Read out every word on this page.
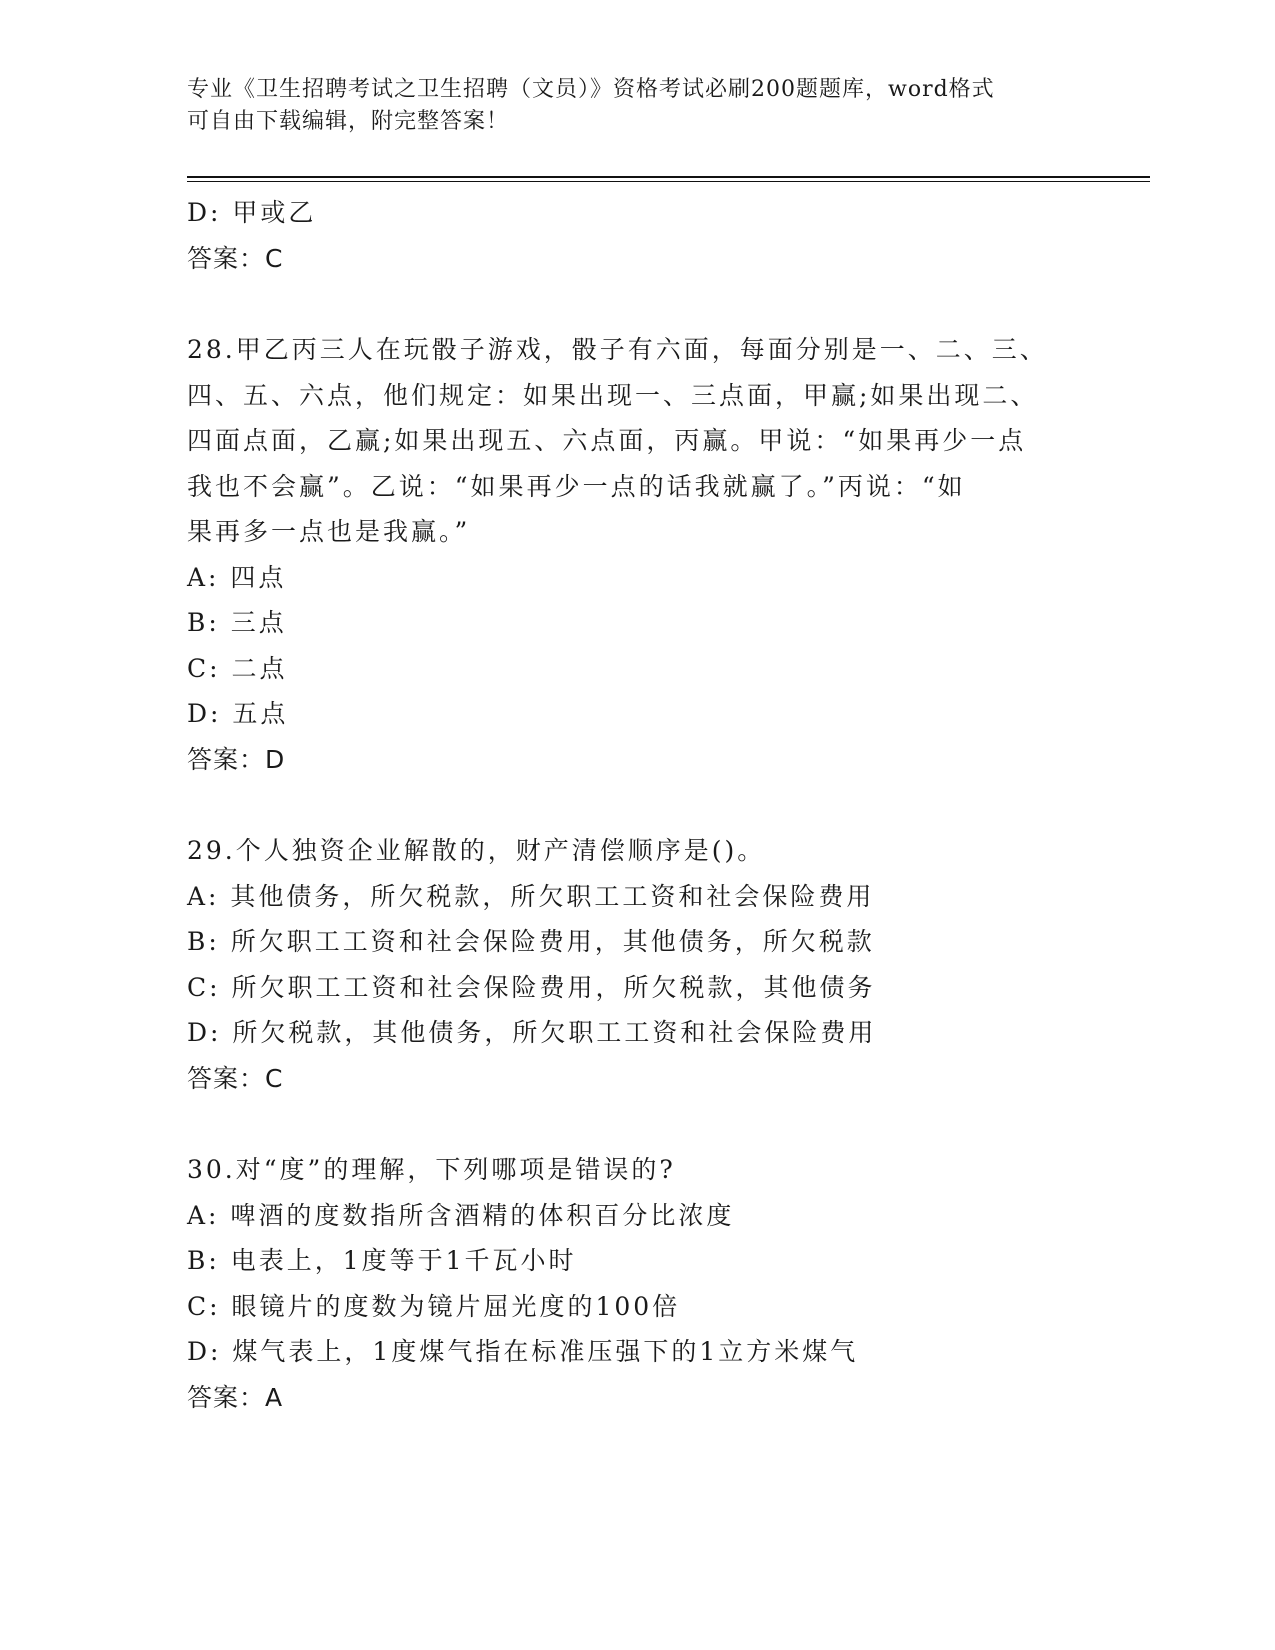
专业《卫生招聘考试之卫生招聘（文员）》资格考试必刷200题题库，word格式
可自由下载编辑，附完整答案！
D: 甲或乙
答案：C
28.甲乙丙三人在玩骰子游戏，骰子有六面，每面分别是一、二、三、
四、五、六点，他们规定：如果出现一、三点面，甲赢;如果出现二、
四面点面，乙赢;如果出现五、六点面，丙赢。甲说：“如果再少一点
我也不会赢”。乙说：“如果再少一点的话我就赢了。”丙说：“如
果再多一点也是我赢。”
A: 四点
B: 三点
C: 二点
D: 五点
答案：D
29.个人独资企业解散的，财产清偿顺序是()。
A: 其他债务，所欠税款，所欠职工工资和社会保险费用
B: 所欠职工工资和社会保险费用，其他债务，所欠税款
C: 所欠职工工资和社会保险费用，所欠税款，其他债务
D: 所欠税款，其他债务，所欠职工工资和社会保险费用
答案：C
30.对“度”的理解，下列哪项是错误的?
A: 啤酒的度数指所含酒精的体积百分比浓度
B: 电表上，1度等于1千瓦小时
C: 眼镜片的度数为镜片屈光度的100倍
D: 煤气表上，1度煤气指在标准压强下的1立方米煤气
答案：A
